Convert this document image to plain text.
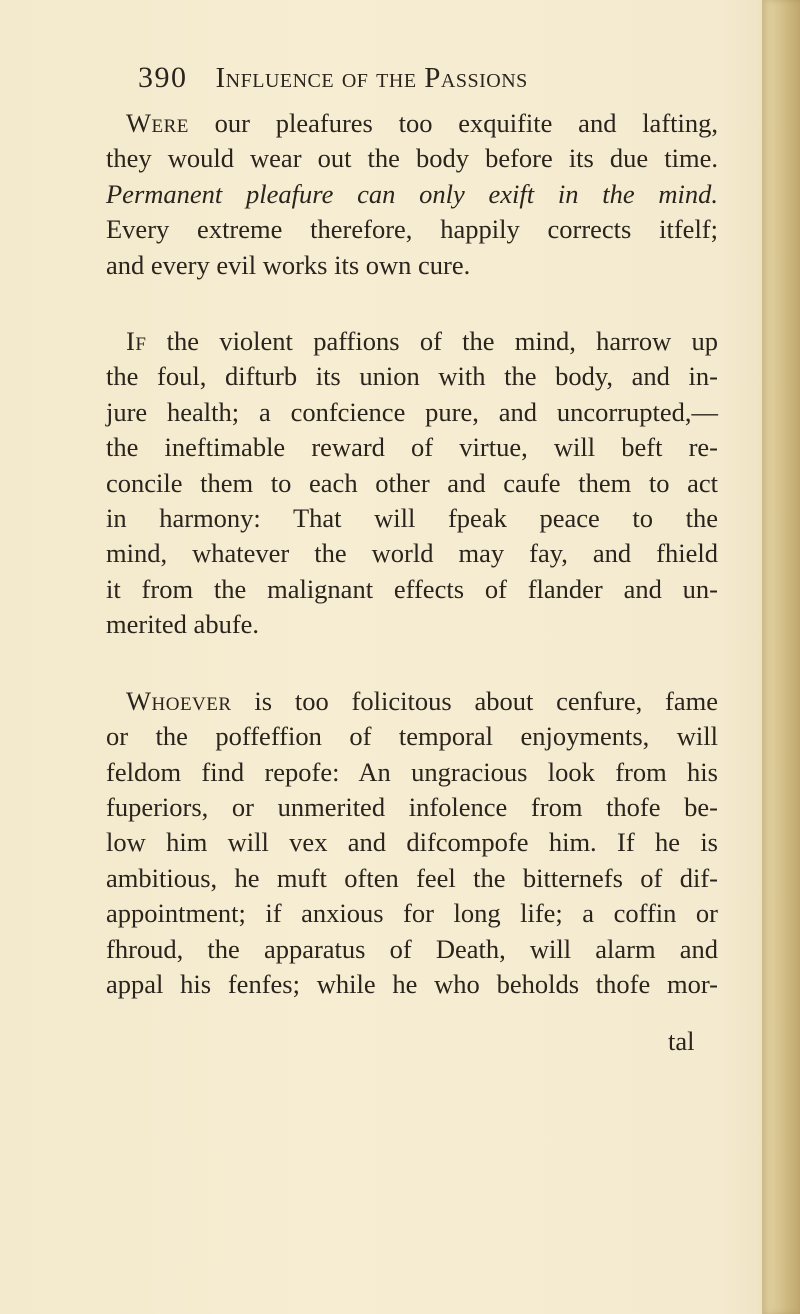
390 Influence of the Passions

Were our pleafures too exquifite and lafting,
they would wear out the body before its due time.
Permanent pleafure can only exift in the mind.
Every extreme therefore, happily corrects itfelf;
and every evil works its own cure.

If the violent paffions of the mind, harrow up
the foul, difturb its union with the body, and in-
jure health; a confcience pure, and uncorrupted,—
the ineftimable reward of virtue, will beft re-
concile them to each other and caufe them to act
in harmony: That will fpeak peace to the
mind, whatever the world may fay, and fhield
it from the malignant effects of flander and un-
merited abufe.

Whoever is too folicitous about cenfure, fame
or the poffeffion of temporal enjoyments, will
feldom find repofe: An ungracious look from his
fuperiors, or unmerited infolence from thofe be-
low him will vex and difcompofe him. If he is
ambitious, he muft often feel the bitternefs of dif-
appointment; if anxious for long life; a coffin or
fhroud, the apparatus of Death, will alarm and
appal his fenfes; while he who beholds thofe mor-

tal
